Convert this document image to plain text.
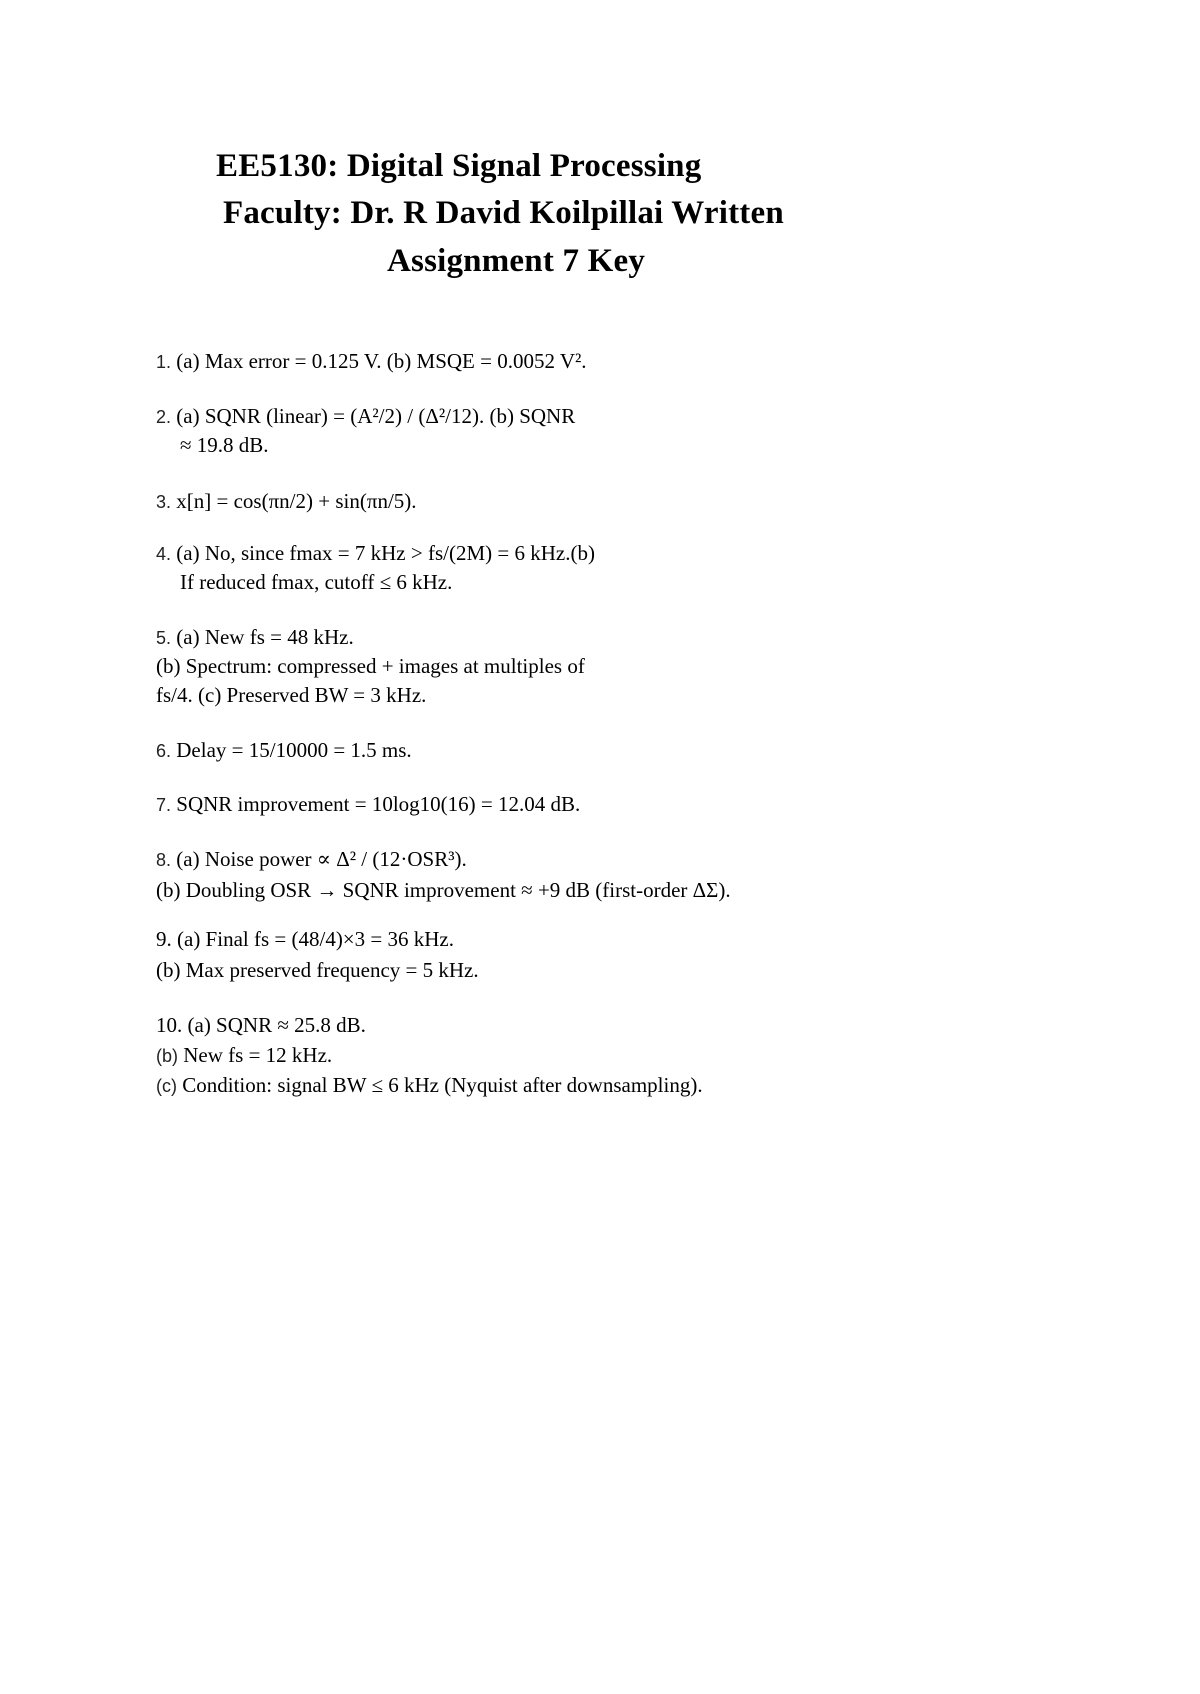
EE5130: Digital Signal Processing
Faculty: Dr. R David Koilpillai Written
Assignment 7 Key
1. (a) Max error = 0.125 V. (b) MSQE = 0.0052 V².
2. (a) SQNR (linear) = (A²/2) / (Δ²/12). (b) SQNR
≈ 19.8 dB.
3. x[n] = cos(πn/2) + sin(πn/5).
4. (a) No, since fmax = 7 kHz > fs/(2M) = 6 kHz.(b)
If reduced fmax, cutoff ≤ 6 kHz.
5. (a) New fs = 48 kHz.
(b) Spectrum: compressed + images at multiples of
fs/4. (c) Preserved BW = 3 kHz.
6. Delay = 15/10000 = 1.5 ms.
7. SQNR improvement = 10log10(16) = 12.04 dB.
8. (a) Noise power ∝ Δ² / (12·OSR³).
(b) Doubling OSR → SQNR improvement ≈ +9 dB (first-order ΔΣ).
9. (a) Final fs = (48/4)×3 = 36 kHz.
(b) Max preserved frequency = 5 kHz.
10. (a) SQNR ≈ 25.8 dB.
(b) New fs = 12 kHz.
(c) Condition: signal BW ≤ 6 kHz (Nyquist after downsampling).
